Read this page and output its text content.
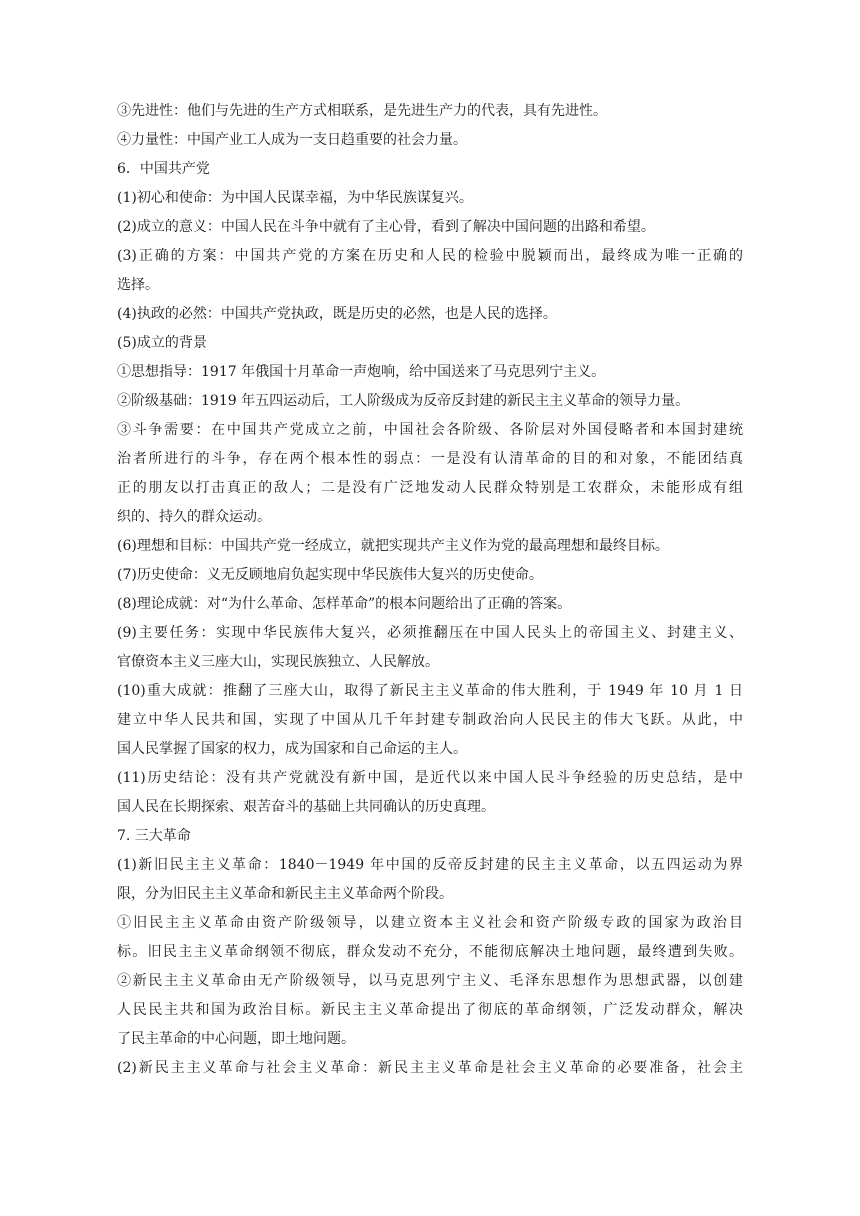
③先进性：他们与先进的生产方式相联系，是先进生产力的代表，具有先进性。
④力量性：中国产业工人成为一支日趋重要的社会力量。
6．中国共产党
(1)初心和使命：为中国人民谋幸福，为中华民族谋复兴。
(2)成立的意义：中国人民在斗争中就有了主心骨，看到了解决中国问题的出路和希望。
(3)正确的方案：中国共产党的方案在历史和人民的检验中脱颖而出，最终成为唯一正确的
选择。
(4)执政的必然：中国共产党执政，既是历史的必然，也是人民的选择。
(5)成立的背景
①思想指导：1917 年俄国十月革命一声炮响，给中国送来了马克思列宁主义。
②阶级基础：1919 年五四运动后，工人阶级成为反帝反封建的新民主主义革命的领导力量。
③斗争需要：在中国共产党成立之前，中国社会各阶级、各阶层对外国侵略者和本国封建统
治者所进行的斗争，存在两个根本性的弱点：一是没有认清革命的目的和对象，不能团结真
正的朋友以打击真正的敌人；二是没有广泛地发动人民群众特别是工农群众，未能形成有组
织的、持久的群众运动。
(6)理想和目标：中国共产党一经成立，就把实现共产主义作为党的最高理想和最终目标。
(7)历史使命：义无反顾地肩负起实现中华民族伟大复兴的历史使命。
(8)理论成就：对“为什么革命、怎样革命”的根本问题给出了正确的答案。
(9)主要任务：实现中华民族伟大复兴，必须推翻压在中国人民头上的帝国主义、封建主义、
官僚资本主义三座大山，实现民族独立、人民解放。
(10)重大成就：推翻了三座大山，取得了新民主主义革命的伟大胜利，于 1949 年 10 月 1 日
建立中华人民共和国，实现了中国从几千年封建专制政治向人民民主的伟大飞跃。从此，中
国人民掌握了国家的权力，成为国家和自己命运的主人。
(11)历史结论：没有共产党就没有新中国，是近代以来中国人民斗争经验的历史总结，是中
国人民在长期探索、艰苦奋斗的基础上共同确认的历史真理。
7. 三大革命
(1)新旧民主主义革命：1840－1949 年中国的反帝反封建的民主主义革命，以五四运动为界
限，分为旧民主主义革命和新民主主义革命两个阶段。
①旧民主主义革命由资产阶级领导，以建立资本主义社会和资产阶级专政的国家为政治目
标。旧民主主义革命纲领不彻底，群众发动不充分，不能彻底解决土地问题，最终遭到失败。
②新民主主义革命由无产阶级领导，以马克思列宁主义、毛泽东思想作为思想武器，以创建
人民民主共和国为政治目标。新民主主义革命提出了彻底的革命纲领，广泛发动群众，解决
了民主革命的中心问题，即土地问题。
(2)新民主主义革命与社会主义革命：新民主主义革命是社会主义革命的必要准备，社会主
